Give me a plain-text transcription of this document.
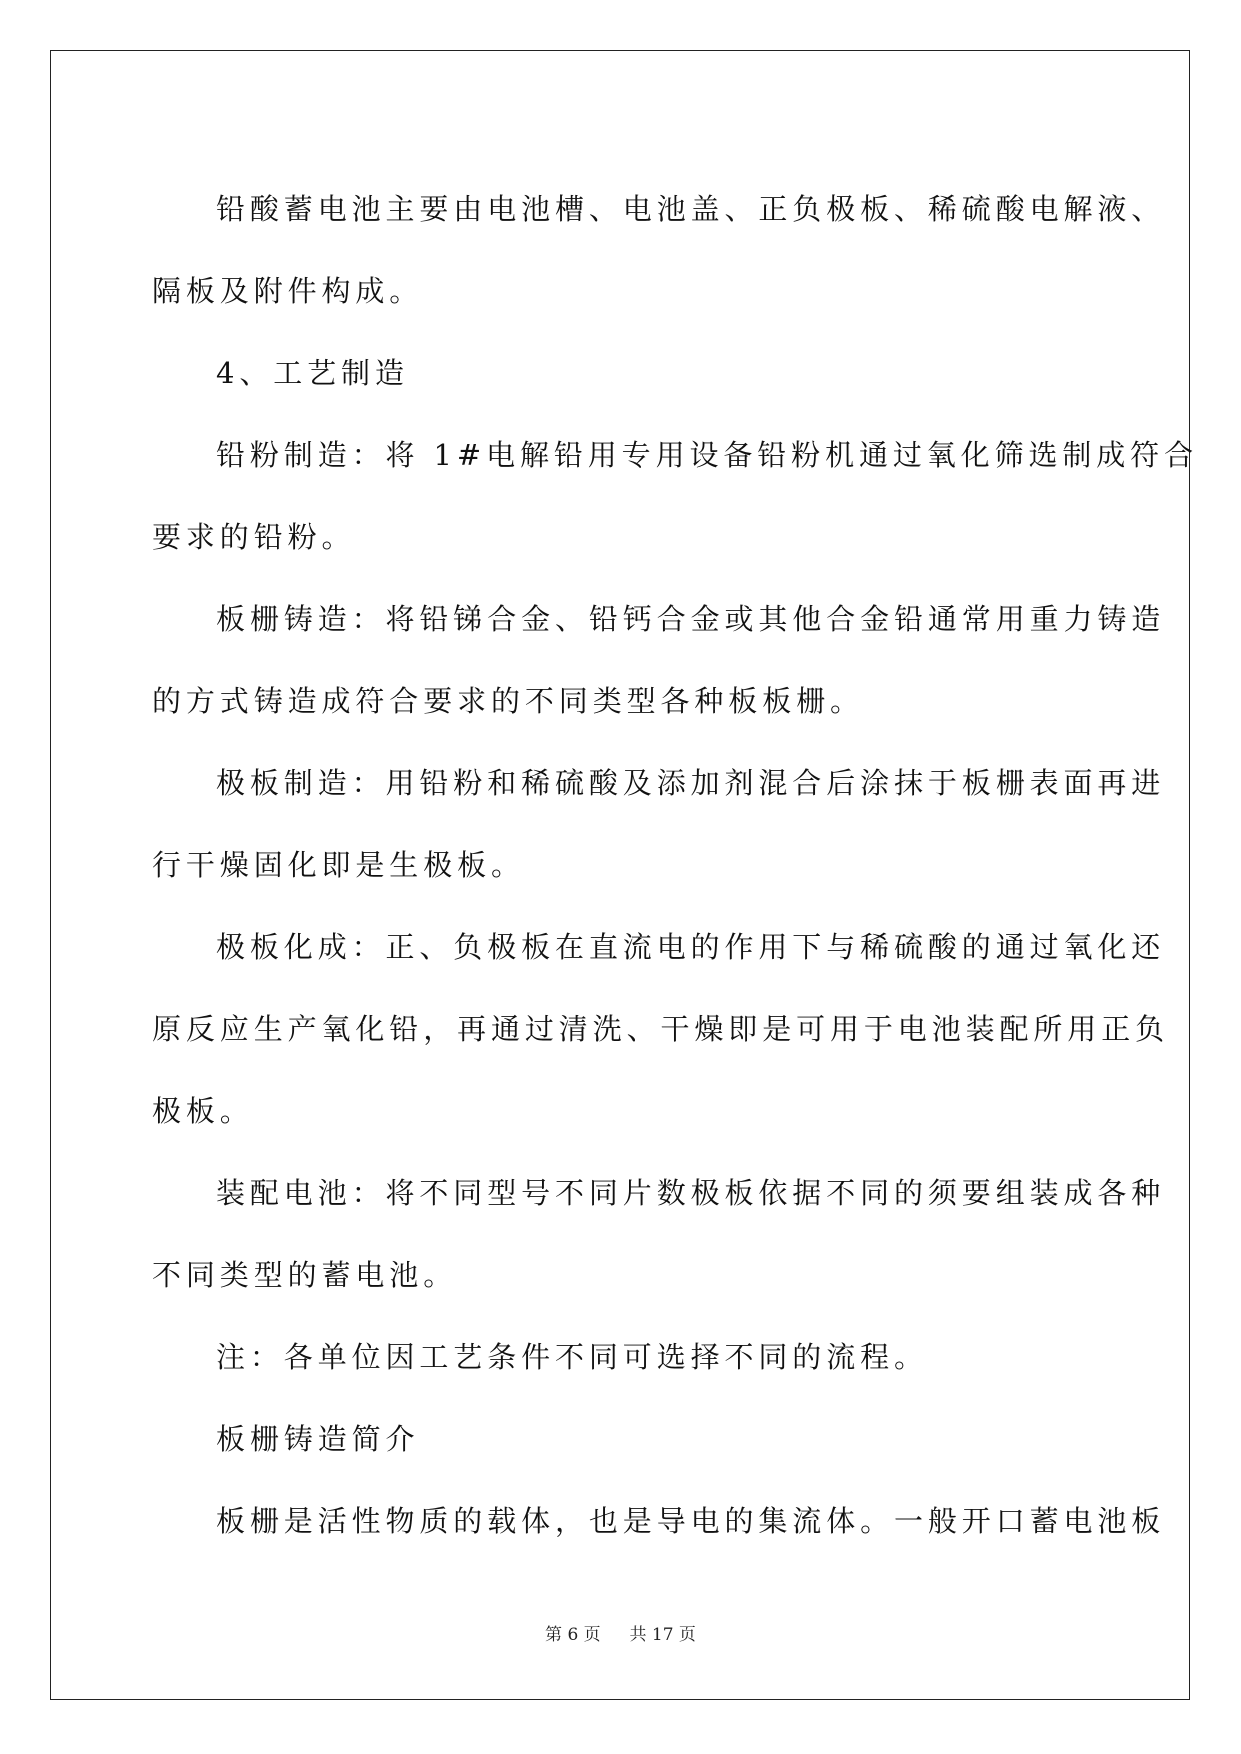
铅酸蓄电池主要由电池槽、电池盖、正负极板、稀硫酸电解液、
隔板及附件构成。
4、工艺制造
铅粉制造：将 1#电解铅用专用设备铅粉机通过氧化筛选制成符合
要求的铅粉。
板栅铸造：将铅锑合金、铅钙合金或其他合金铅通常用重力铸造
的方式铸造成符合要求的不同类型各种板板栅。
极板制造：用铅粉和稀硫酸及添加剂混合后涂抹于板栅表面再进
行干燥固化即是生极板。
极板化成：正、负极板在直流电的作用下与稀硫酸的通过氧化还
原反应生产氧化铅，再通过清洗、干燥即是可用于电池装配所用正负
极板。
装配电池：将不同型号不同片数极板依据不同的须要组装成各种
不同类型的蓄电池。
注：各单位因工艺条件不同可选择不同的流程。
板栅铸造简介
板栅是活性物质的载体，也是导电的集流体。一般开口蓄电池板
第 6 页 共 17 页
